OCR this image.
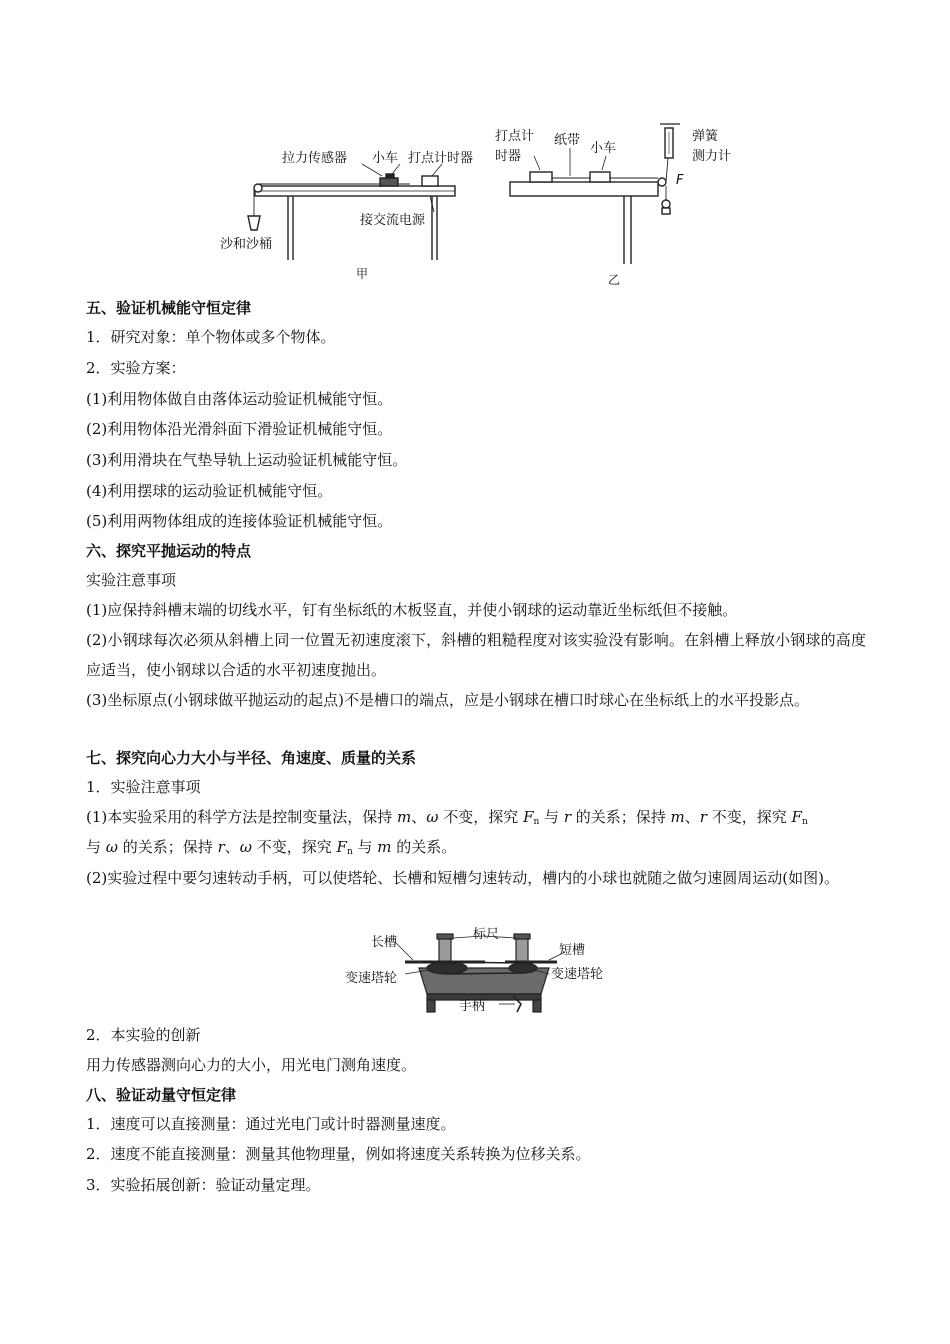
拉力传感器 小车 打点计时器
沙和沙桶
接交流电源
甲
打点计
时器
纸带
小车
弹簧
测力计
F
乙
五、验证机械能守恒定律
1．研究对象：单个物体或多个物体。
2．实验方案：
(1)利用物体做自由落体运动验证机械能守恒。
(2)利用物体沿光滑斜面下滑验证机械能守恒。
(3)利用滑块在气垫导轨上运动验证机械能守恒。
(4)利用摆球的运动验证机械能守恒。
(5)利用两物体组成的连接体验证机械能守恒。
六、探究平抛运动的特点
实验注意事项
(1)应保持斜槽末端的切线水平，钉有坐标纸的木板竖直，并使小钢球的运动靠近坐标纸但不接触。
(2)小钢球每次必须从斜槽上同一位置无初速度滚下，斜槽的粗糙程度对该实验没有影响。在斜槽上释放小钢球的高度应适当，使小钢球以合适的水平初速度抛出。
(3)坐标原点(小钢球做平抛运动的起点)不是槽口的端点，应是小钢球在槽口时球心在坐标纸上的水平投影点。
七、探究向心力大小与半径、角速度、质量的关系
1．实验注意事项
(1)本实验采用的科学方法是控制变量法，保持 m、ω 不变，探究 $F_n$ 与 r 的关系；保持 m、r 不变，探究 $F_n$
与 ω 的关系；保持 r、ω 不变，探究 $F_n$ 与 m 的关系。
(2)实验过程中要匀速转动手柄，可以使塔轮、长槽和短槽匀速转动，槽内的小球也就随之做匀速圆周运动(如图)。
长槽
标尺
短槽
变速塔轮	变速塔轮
手柄
2．本实验的创新
用力传感器测向心力的大小，用光电门测角速度。
八、验证动量守恒定律
1．速度可以直接测量：通过光电门或计时器测量速度。
2．速度不能直接测量：测量其他物理量，例如将速度关系转换为位移关系。
3．实验拓展创新：验证动量定理。
